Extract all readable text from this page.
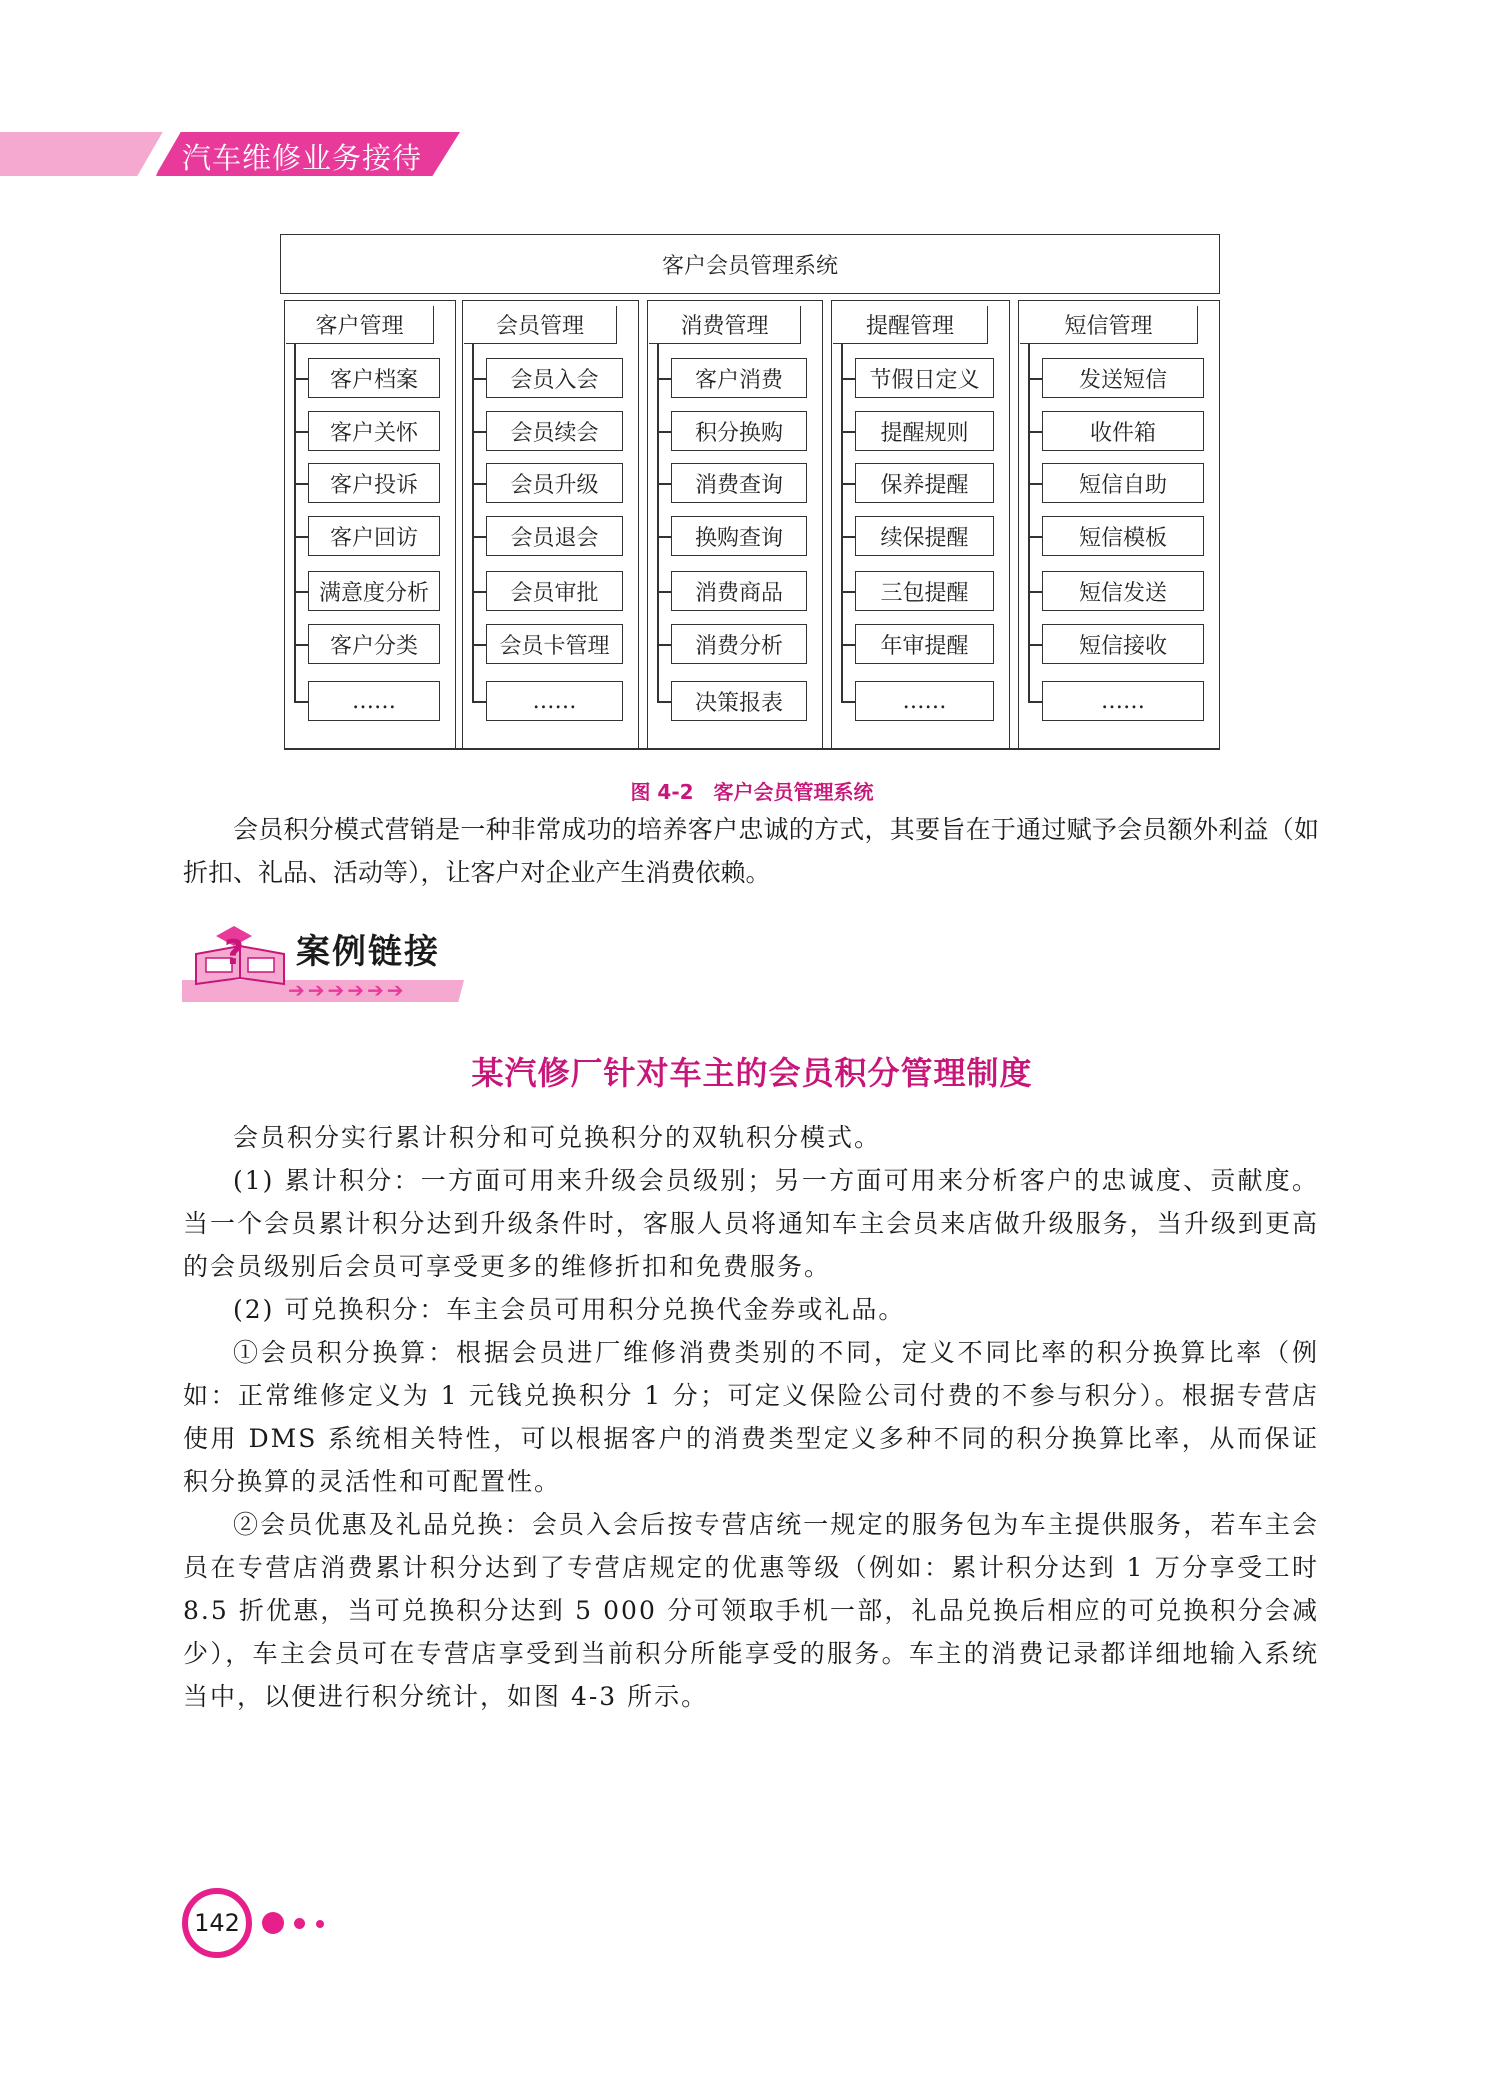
汽车维修业务接待
客户会员管理系统
客户管理
客户档案
客户关怀
客户投诉
客户回访
满意度分析
客户分类
……
会员管理
会员入会
会员续会
会员升级
会员退会
会员审批
会员卡管理
……
消费管理
客户消费
积分换购
消费查询
换购查询
消费商品
消费分析
决策报表
提醒管理
节假日定义
提醒规则
保养提醒
续保提醒
三包提醒
年审提醒
……
短信管理
发送短信
收件箱
短信自助
短信模板
短信发送
短信接收
……
图 4-2　客户会员管理系统

会员积分模式营销是一种非常成功的培养客户忠诚的方式，其要旨在于通过赋予会员额外利益（如折扣、礼品、活动等），让客户对企业产生消费依赖。

➔➔➔➔➔➔
? 案例链接
某汽修厂针对车主的会员积分管理制度

会员积分实行累计积分和可兑换积分的双轨积分模式。

(1) 累计积分：一方面可用来升级会员级别；另一方面可用来分析客户的忠诚度、贡献度。当一个会员累计积分达到升级条件时，客服人员将通知车主会员来店做升级服务，当升级到更高的会员级别后会员可享受更多的维修折扣和免费服务。

(2) 可兑换积分：车主会员可用积分兑换代金券或礼品。

①会员积分换算：根据会员进厂维修消费类别的不同，定义不同比率的积分换算比率（例如：正常维修定义为 1 元钱兑换积分 1 分；可定义保险公司付费的不参与积分）。根据专营店使用 DMS 系统相关特性，可以根据客户的消费类型定义多种不同的积分换算比率，从而保证积分换算的灵活性和可配置性。

②会员优惠及礼品兑换：会员入会后按专营店统一规定的服务包为车主提供服务，若车主会员在专营店消费累计积分达到了专营店规定的优惠等级（例如：累计积分达到 1 万分享受工时 8.5 折优惠，当可兑换积分达到 5 000 分可领取手机一部，礼品兑换后相应的可兑换积分会减少），车主会员可在专营店享受到当前积分所能享受的服务。车主的消费记录都详细地输入系统当中，以便进行积分统计，如图 4-3 所示。

142
